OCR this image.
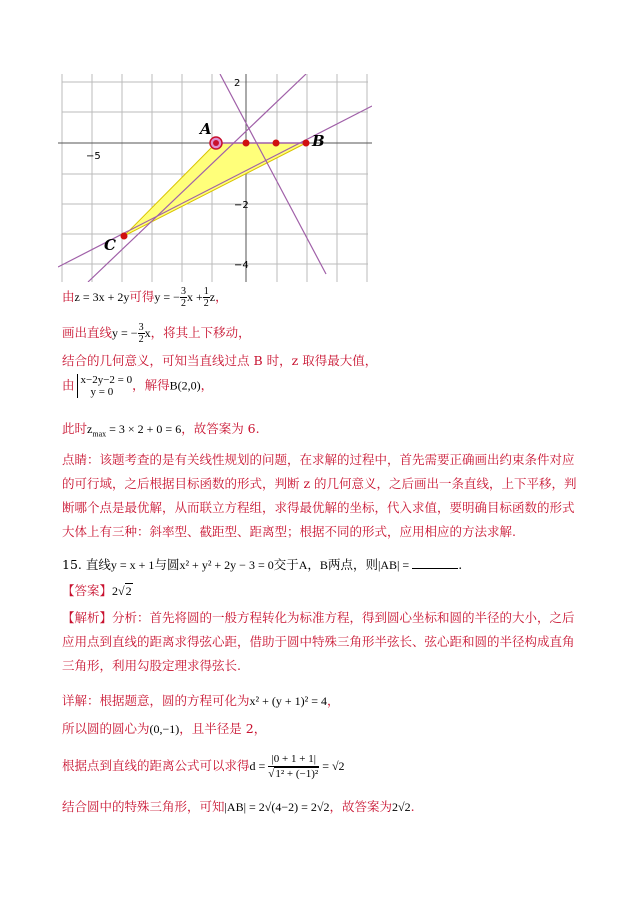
−5
2
−2
−4
A
B
C
由z = 3x + 2y可得y = − $\frac{3}{2}$ $x + \frac{1}{2}$ z，
画出直线y = − $\frac{3}{2}$ x，将其上下移动，
结合的几何意义，可知当直线过点 B 时，z 取得最大值，
由 x−2y−2 = 0
y = 0	，解得B(2,0)，
此时$z_{max} = 3 \times 2 + 0 = 6$，故答案为 6.
点睛：该题考查的是有关线性规划的问题，在求解的过程中，首先需要正确画出约束条件对应的可行域，之后根据目标函数的形式，判断 z 的几何意义，之后画出一条直线，上下平移，判断哪个点是最优解，从而联立方程组，求得最优解的坐标，代入求值，要明确目标函数的形式大体上有三种：斜率型、截距型、距离型；根据不同的形式，应用相应的方法求解.
15. 直线y = x + 1与圆x² + y² + 2y − 3 = 0交于A，B两点，则|AB| =	.
【答案】2√2
【解析】分析：首先将圆的一般方程转化为标准方程，得到圆心坐标和圆的半径的大小，之后应用点到直线的距离求得弦心距，借助于圆中特殊三角形半弦长、弦心距和圆的半径构成直角三角形，利用勾股定理求得弦长.
详解：根据题意，圆的方程可化为x² + (y + 1)² = 4，
所以圆的圆心为(0,−1)，且半径是 2，
根据点到直线的距离公式可以求得$d = \frac{|0 + 1 + 1|}{\text{√1² + (−1)²}} = √2$
结合圆中的特殊三角形，可知|AB| = 2√(4−2) = 2√2，故答案为2√2.
